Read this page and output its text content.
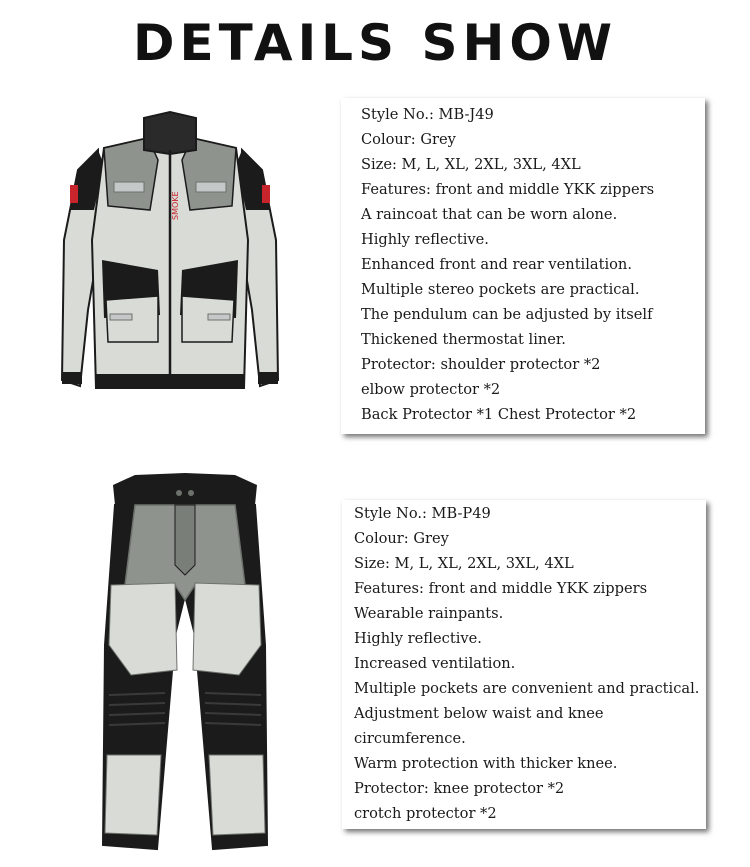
DETAILS SHOW
SMOKE
Style No.: MB-J49
Colour: Grey
Size: M, L, XL, 2XL, 3XL, 4XL
Features: front and middle YKK zippers
A raincoat that can be worn alone.
Highly reflective.
Enhanced front and rear ventilation.
Multiple stereo pockets are practical.
The pendulum can be adjusted by itself
Thickened thermostat liner.
Protector: shoulder protector *2
elbow protector *2
Back Protector *1 Chest Protector *2
Style No.: MB-P49
Colour: Grey
Size: M, L, XL, 2XL, 3XL, 4XL
Features: front and middle YKK zippers
Wearable rainpants.
Highly reflective.
Increased ventilation.
Multiple pockets are convenient and practical.
Adjustment below waist and knee
circumference.
Warm protection with thicker knee.
Protector: knee protector *2
crotch protector *2
